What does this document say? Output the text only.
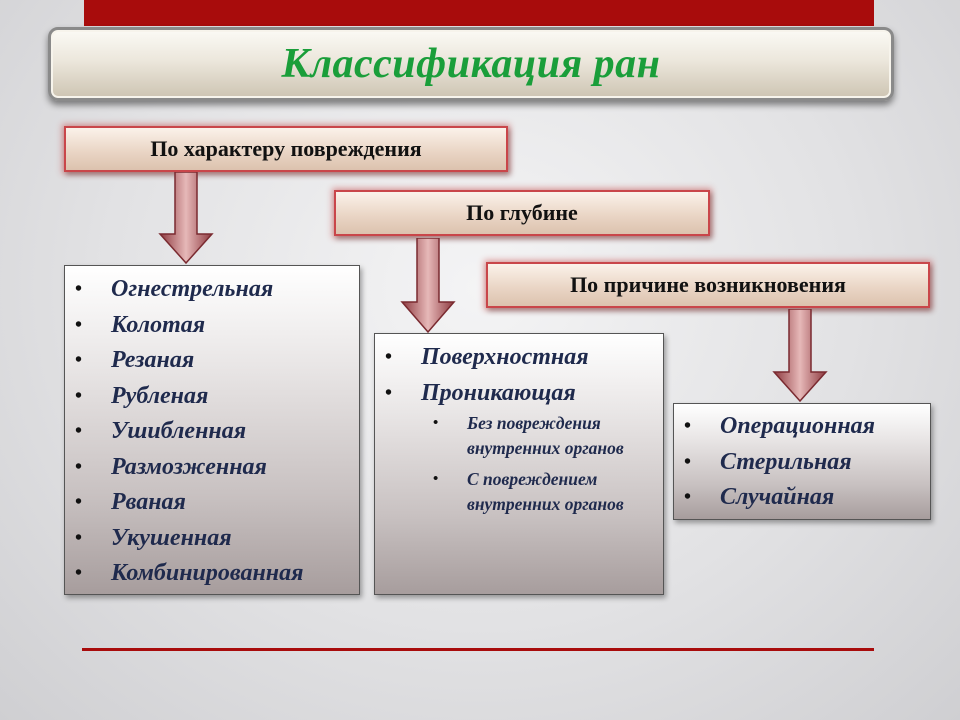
Классификация ран
По характеру повреждения
По глубине
По причине возникновения
• Огнестрельная
• Колотая
• Резаная
• Рубленая
• Ушибленная
• Размозженная
• Рваная
• Укушенная
• Комбинированная
• Поверхностная
• Проникающая
• Без повреждения внутренних органов
• С повреждением внутренних органов
• Операционная
• Стерильная
• Случайная
